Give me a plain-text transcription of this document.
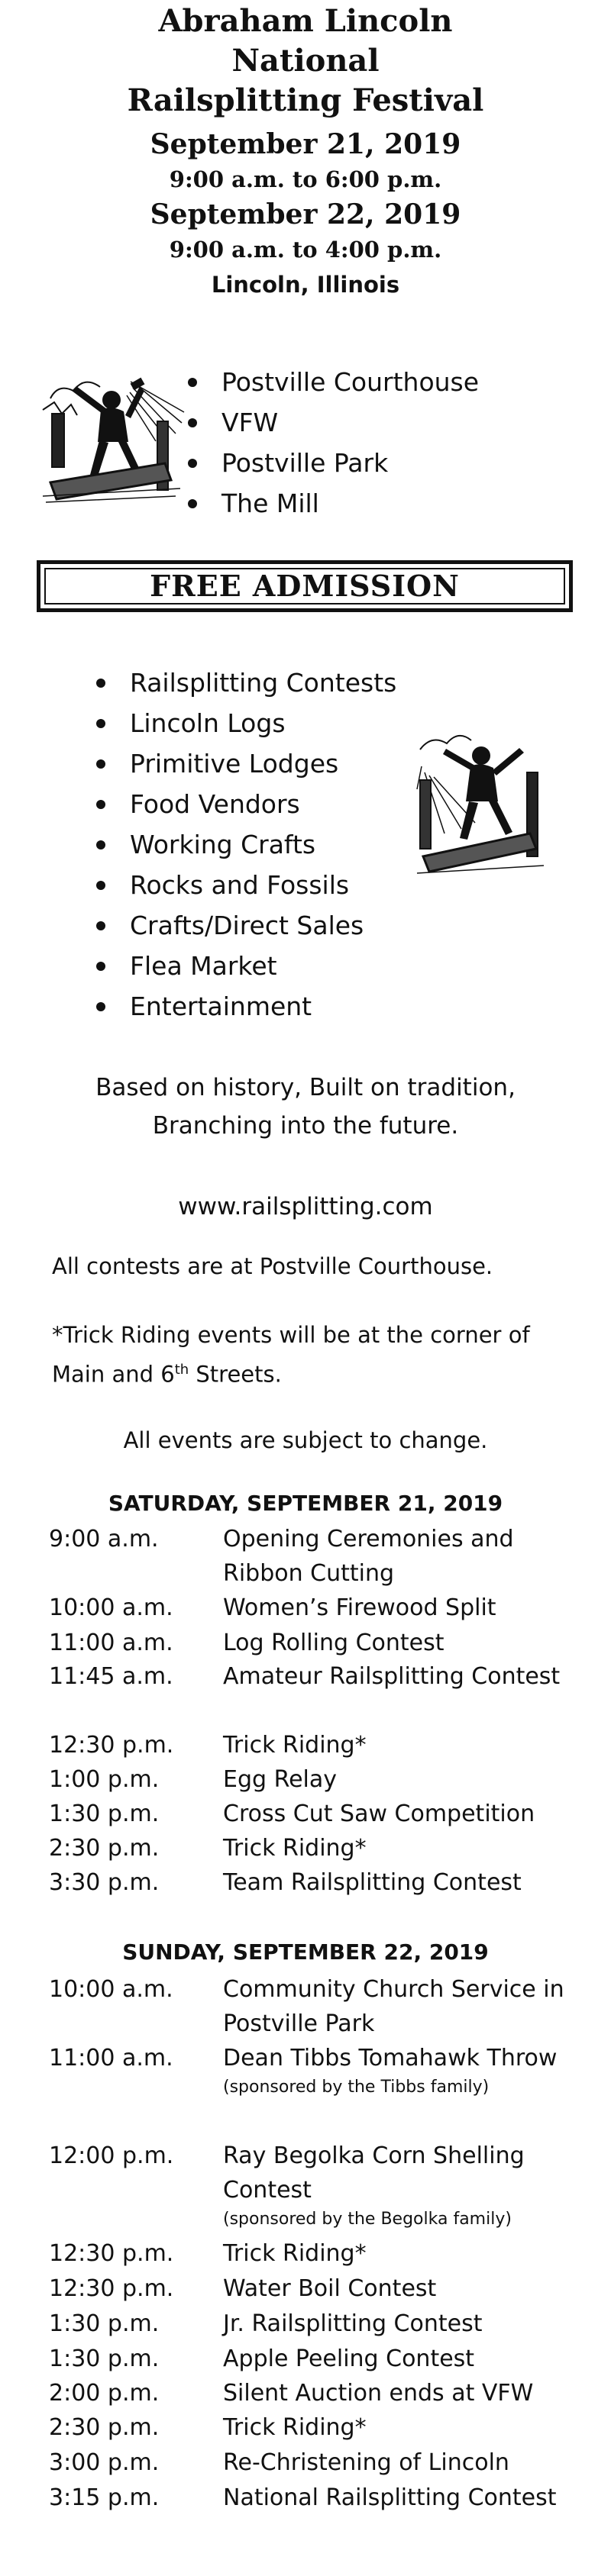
Abraham Lincoln
National
Railsplitting Festival
September 21, 2019
9:00 a.m. to 6:00 p.m.
September 22, 2019
9:00 a.m. to 4:00 p.m.
Lincoln, Illinois
Postville Courthouse
VFW
Postville Park
The Mill
FREE ADMISSION
Railsplitting Contests
Lincoln Logs
Primitive Lodges
Food Vendors
Working Crafts
Rocks and Fossils
Crafts/Direct Sales
Flea Market
Entertainment
Based on history, Built on tradition,
Branching into the future.
www.railsplitting.com
All contests are at Postville Courthouse.
*Trick Riding events will be at the corner of
Main and 6th Streets.
All events are subject to change.
SATURDAY, SEPTEMBER 21, 2019
9:00 a.m.	Opening Ceremonies and Ribbon Cutting
10:00 a.m.	Women’s Firewood Split
11:00 a.m.	Log Rolling Contest
11:45 a.m.	Amateur Railsplitting Contest
12:30 p.m.	Trick Riding*
1:00 p.m.	Egg Relay
1:30 p.m.	Cross Cut Saw Competition
2:30 p.m.	Trick Riding*
3:30 p.m.	Team Railsplitting Contest
SUNDAY, SEPTEMBER 22, 2019
10:00 a.m.	Community Church Service in Postville Park
11:00 a.m.	Dean Tibbs Tomahawk Throw
(sponsored by the Tibbs family)
12:00 p.m.	Ray Begolka Corn Shelling Contest
(sponsored by the Begolka family)
12:30 p.m.	Trick Riding*
12:30 p.m.	Water Boil Contest
1:30 p.m.	Jr. Railsplitting Contest
1:30 p.m.	Apple Peeling Contest
2:00 p.m.	Silent Auction ends at VFW
2:30 p.m.	Trick Riding*
3:00 p.m.	Re-Christening of Lincoln
3:15 p.m.	National Railsplitting Contest
